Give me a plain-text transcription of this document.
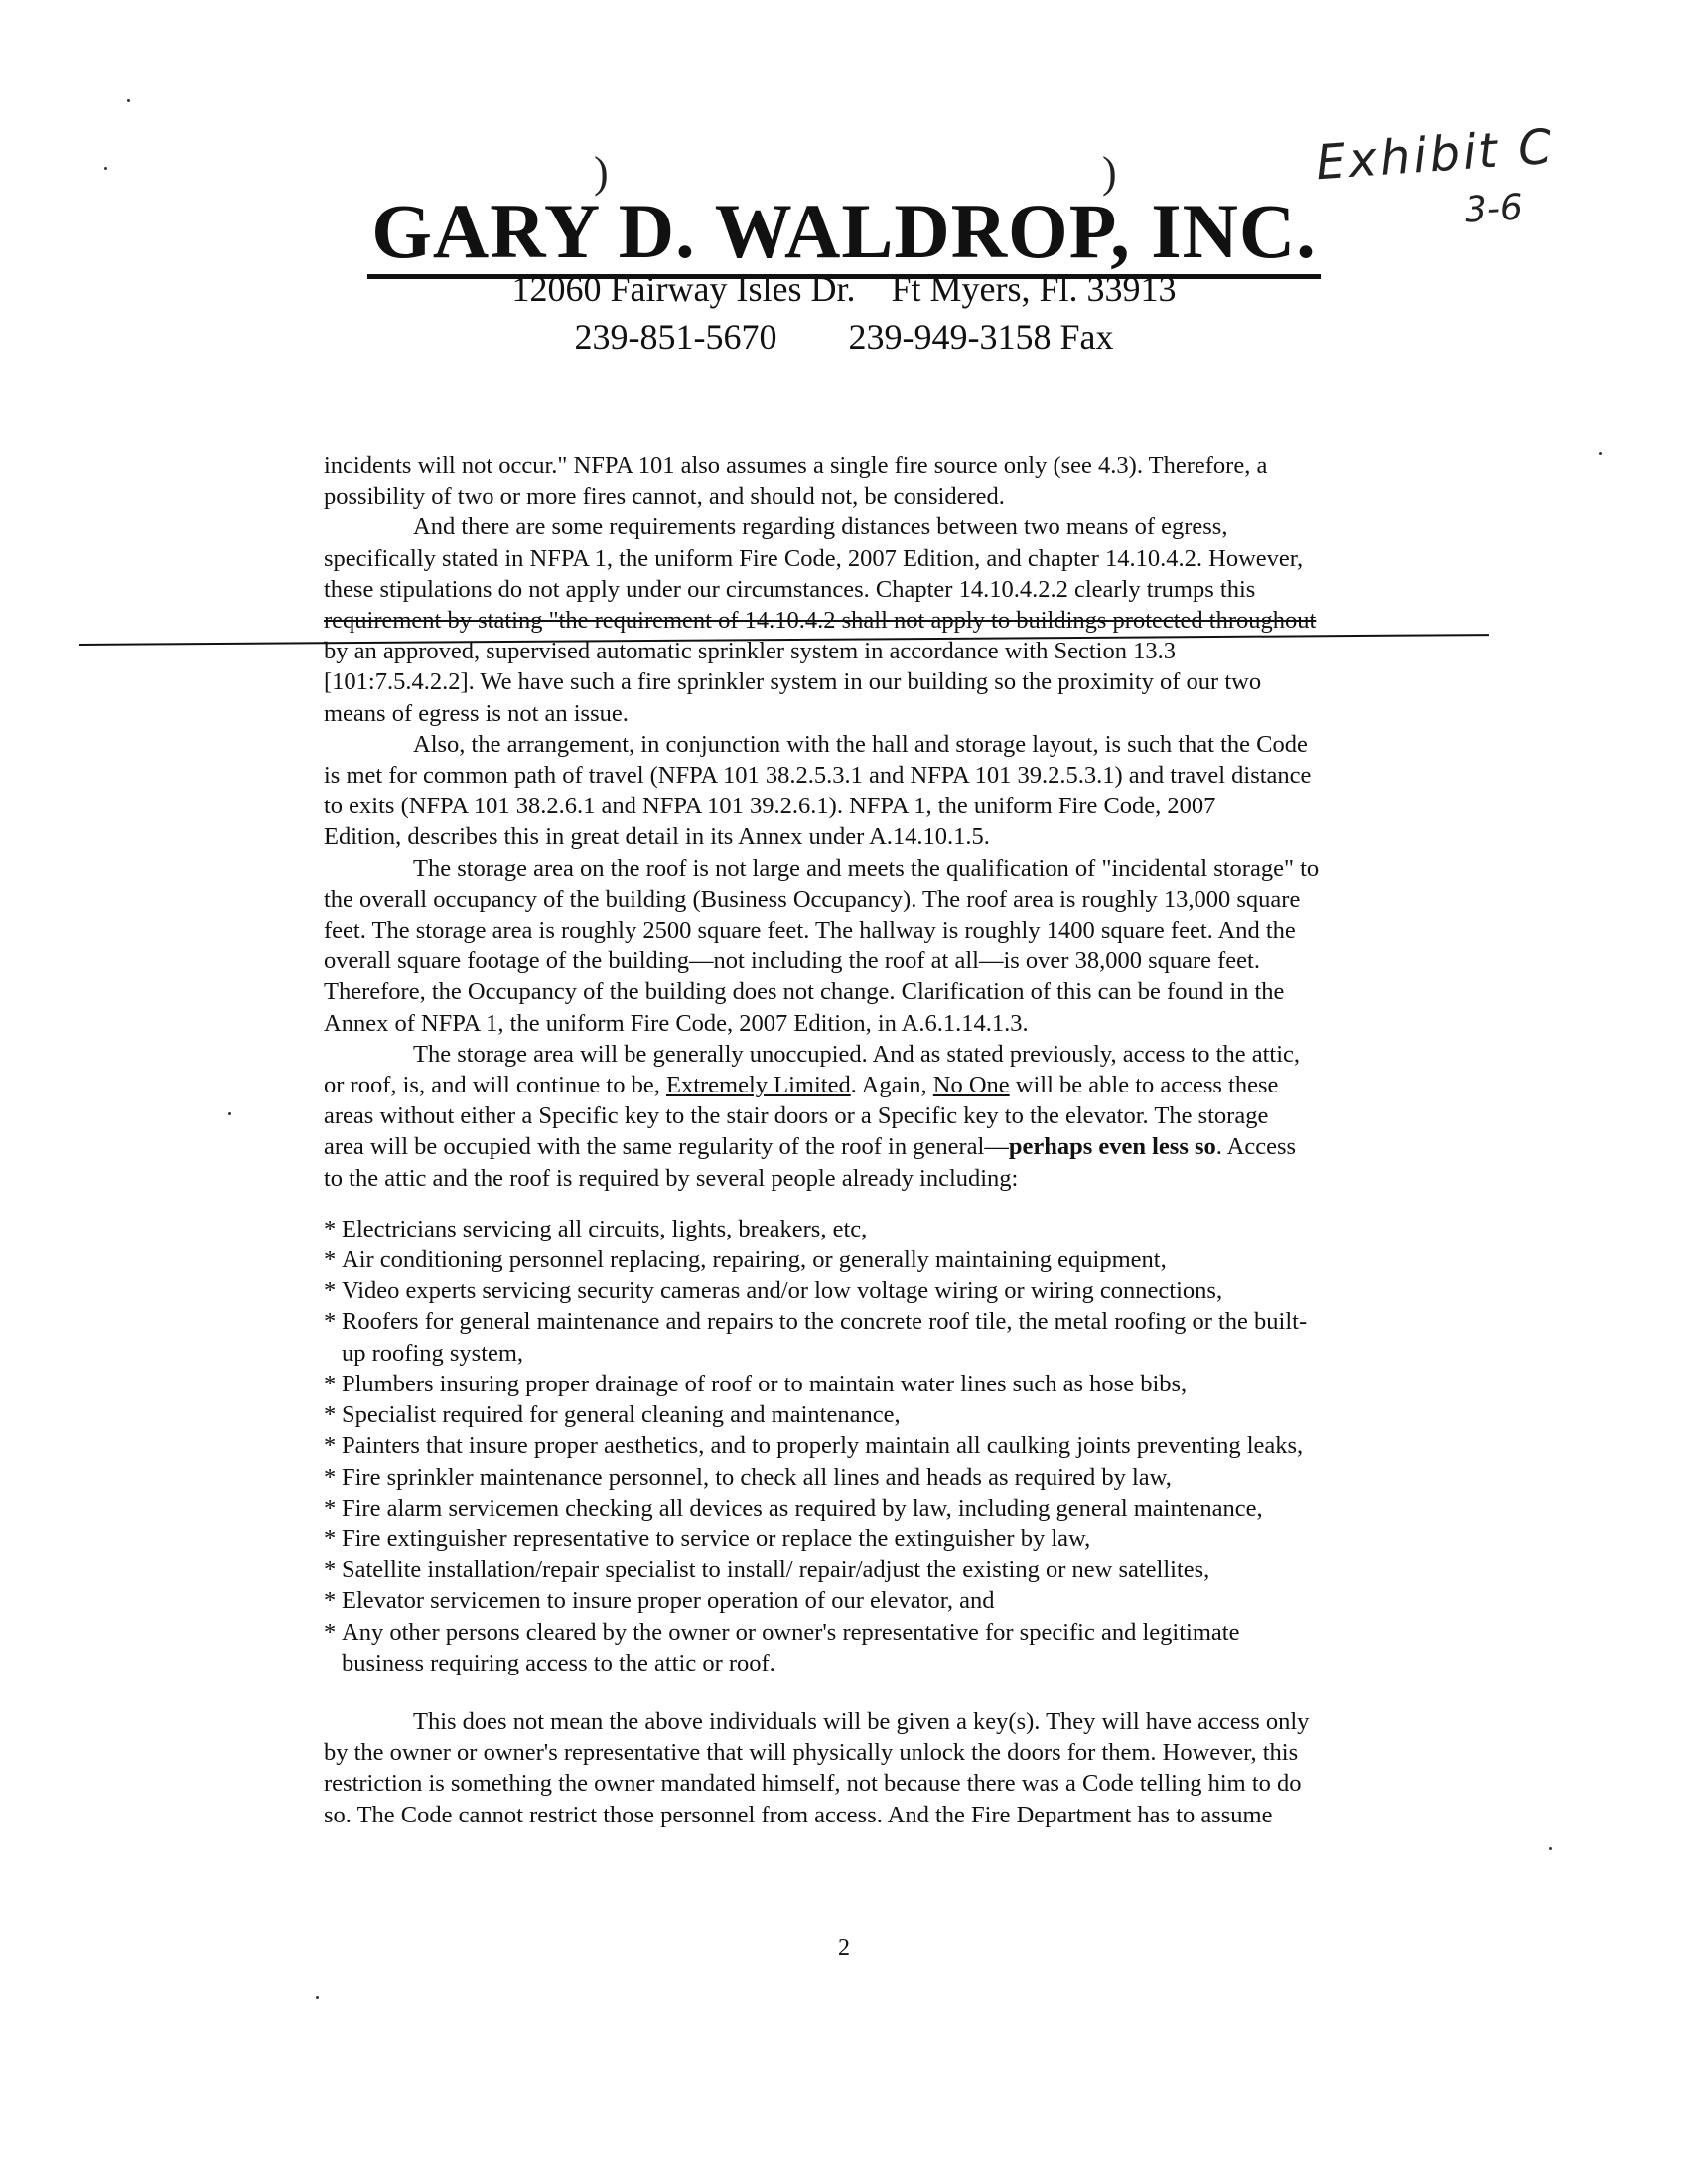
Exhibit C
3-6
)	)
GARY D. WALDROP, INC.
12060 Fairway Isles Dr.    Ft Myers, Fl. 33913
239-851-5670        239-949-3158 Fax

incidents will not occur." NFPA 101 also assumes a single fire source only (see 4.3). Therefore, a
possibility of two or more fires cannot, and should not, be considered.

And there are some requirements regarding distances between two means of egress,
specifically stated in NFPA 1, the uniform Fire Code, 2007 Edition, and chapter 14.10.4.2. However,
these stipulations do not apply under our circumstances. Chapter 14.10.4.2.2 clearly trumps this
requirement by stating "the requirement of 14.10.4.2 shall not apply to buildings protected throughout
by an approved, supervised automatic sprinkler system in accordance with Section 13.3
[101:7.5.4.2.2]. We have such a fire sprinkler system in our building so the proximity of our two
means of egress is not an issue.

Also, the arrangement, in conjunction with the hall and storage layout, is such that the Code
is met for common path of travel (NFPA 101 38.2.5.3.1 and NFPA 101 39.2.5.3.1) and travel distance
to exits (NFPA 101 38.2.6.1 and NFPA 101 39.2.6.1). NFPA 1, the uniform Fire Code, 2007
Edition, describes this in great detail in its Annex under A.14.10.1.5.

The storage area on the roof is not large and meets the qualification of "incidental storage" to
the overall occupancy of the building (Business Occupancy). The roof area is roughly 13,000 square
feet. The storage area is roughly 2500 square feet. The hallway is roughly 1400 square feet. And the
overall square footage of the building—not including the roof at all—is over 38,000 square feet.
Therefore, the Occupancy of the building does not change. Clarification of this can be found in the
Annex of NFPA 1, the uniform Fire Code, 2007 Edition, in A.6.1.14.1.3.

The storage area will be generally unoccupied. And as stated previously, access to the attic,
or roof, is, and will continue to be, Extremely Limited. Again, No One will be able to access these
areas without either a Specific key to the stair doors or a Specific key to the elevator. The storage
area will be occupied with the same regularity of the roof in general—perhaps even less so. Access
to the attic and the roof is required by several people already including:

* Electricians servicing all circuits, lights, breakers, etc,
* Air conditioning personnel replacing, repairing, or generally maintaining equipment,
* Video experts servicing security cameras and/or low voltage wiring or wiring connections,
* Roofers for general maintenance and repairs to the concrete roof tile, the metal roofing or the built-
up roofing system,
* Plumbers insuring proper drainage of roof or to maintain water lines such as hose bibs,
* Specialist required for general cleaning and maintenance,
* Painters that insure proper aesthetics, and to properly maintain all caulking joints preventing leaks,
* Fire sprinkler maintenance personnel, to check all lines and heads as required by law,
* Fire alarm servicemen checking all devices as required by law, including general maintenance,
* Fire extinguisher representative to service or replace the extinguisher by law,
* Satellite installation/repair specialist to install/ repair/adjust the existing or new satellites,
* Elevator servicemen to insure proper operation of our elevator, and
* Any other persons cleared by the owner or owner's representative for specific and legitimate
business requiring access to the attic or roof.

This does not mean the above individuals will be given a key(s). They will have access only
by the owner or owner's representative that will physically unlock the doors for them. However, this
restriction is something the owner mandated himself, not because there was a Code telling him to do
so. The Code cannot restrict those personnel from access. And the Fire Department has to assume

2
